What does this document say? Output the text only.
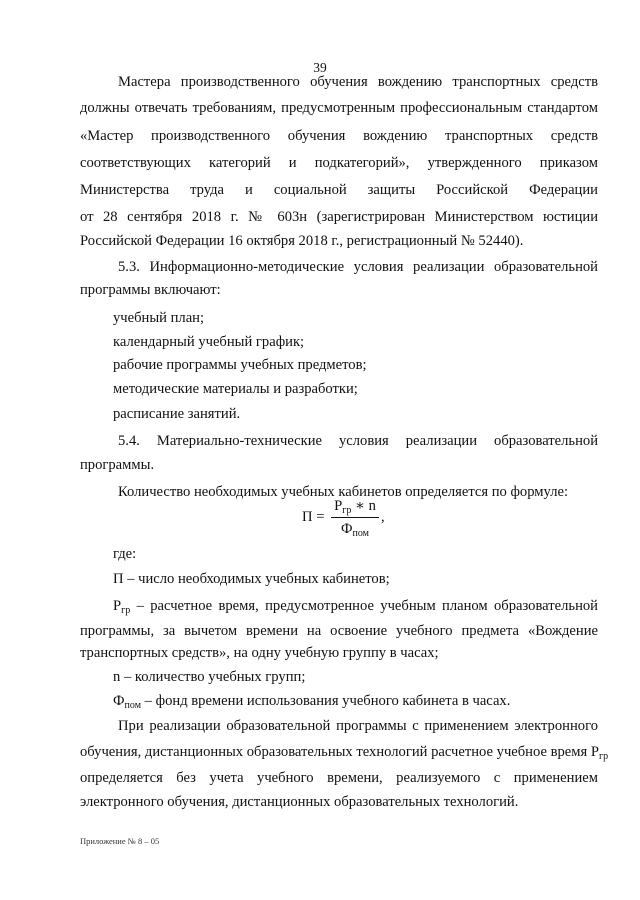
39
Мастера производственного обучения вождению транспортных средств
должны отвечать требованиям, предусмотренным профессиональным стандартом
«Мастер производственного обучения вождению транспортных средств
соответствующих категорий и подкатегорий», утвержденного приказом
Министерства труда и социальной защиты Российской Федерации
от 28 сентября 2018 г. № 603н (зарегистрирован Министерством юстиции
Российской Федерации 16 октября 2018 г., регистрационный № 52440).
5.3. Информационно-методические условия реализации образовательной
программы включают:
учебный план;
календарный учебный график;
рабочие программы учебных предметов;
методические материалы и разработки;
расписание занятий.
5.4. Материально-технические условия реализации образовательной
программы.
Количество необходимых учебных кабинетов определяется по формуле:
П =
$Р_{гр}$ ∗ n
$Ф_{пом}$
,
где:
П – число необходимых учебных кабинетов;
$Р_{гр}$ – расчетное время, предусмотренное учебным планом образовательной
программы, за вычетом времени на освоение учебного предмета «Вождение
транспортных средств», на одну учебную группу в часах;
n – количество учебных групп;
$Ф_{пом}$ – фонд времени использования учебного кабинета в часах.
При реализации образовательной программы с применением электронного
обучения, дистанционных образовательных технологий расчетное учебное время $Р_{гр}$
определяется без учета учебного времени, реализуемого с применением
электронного обучения, дистанционных образовательных технологий.
Приложение № 8 – 05
